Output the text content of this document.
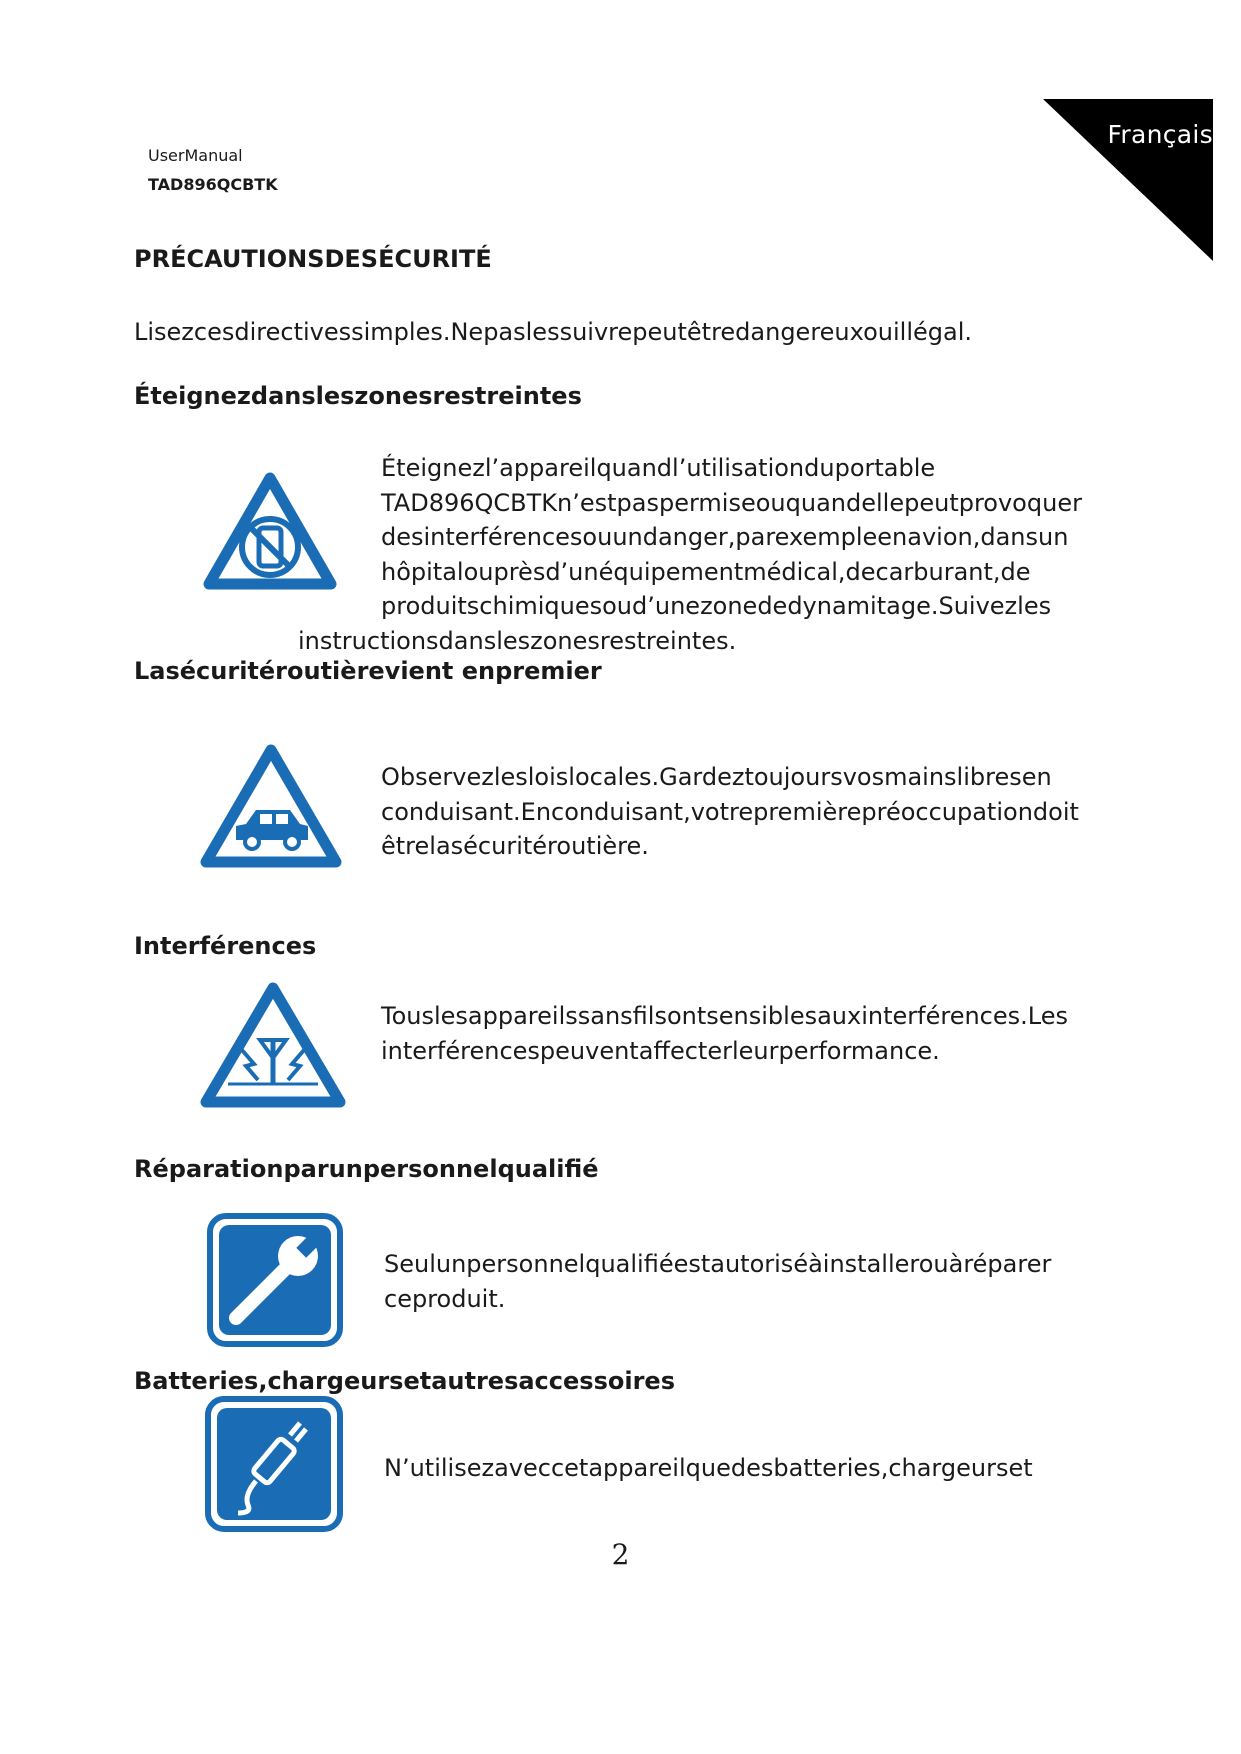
Français
UserManual
TAD896QCBTK
PRÉCAUTIONSDESÉCURITÉ
Lisezcesdirectivessimples.Nepaslessuivrepeutêtredangereuxouillégal.
Éteignezdansleszonesrestreintes
Éteignezl’appareilquandl’utilisationduportable
TAD896QCBTKn’estpaspermiseouquandellepeutprovoquer
desinterférencesouundanger,parexempleenavion,dansun
hôpitalouprèsd’unéquipementmédical,decarburant,de
produitschimiquesoud’unezonededynamitage.Suivezles
instructionsdansleszonesrestreintes.
Lasécuritéroutièrevient enpremier
Observezlesloislocales.Gardeztoujoursvosmainslibresen
conduisant.Enconduisant,votrepremièrepréoccupationdoit
êtrelasécuritéroutière.
Interférences
Touslesappareilssansfilsontsensiblesauxinterférences.Les
interférencespeuventaffecterleurperformance.
Réparationparunpersonnelqualifié
Seulunpersonnelqualifiéestautoriséàinstallerouàréparer
ceproduit.
Batteries,chargeursetautresaccessoires
N’utilisezaveccetappareilquedesbatteries,chargeurset
2
